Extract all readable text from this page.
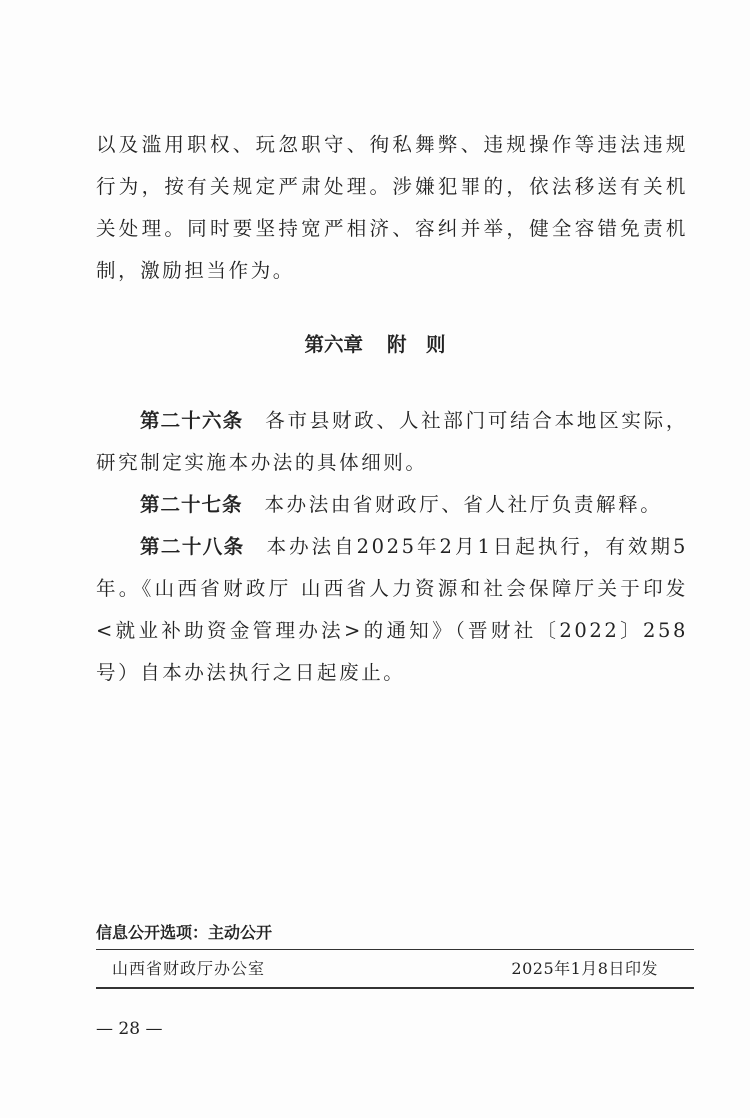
以及滥用职权、玩忽职守、徇私舞弊、违规操作等违法违规行为，按有关规定严肃处理。涉嫌犯罪的，依法移送有关机关处理。同时要坚持宽严相济、容纠并举，健全容错免责机制，激励担当作为。

第六章 附　则

第二十六条 各市县财政、人社部门可结合本地区实际，研究制定实施本办法的具体细则。

第二十七条 本办法由省财政厅、省人社厅负责解释。

第二十八条 本办法自2025年2月1日起执行，有效期5年。《山西省财政厅 山西省人力资源和社会保障厅关于印发<就业补助资金管理办法>的通知》（晋财社〔2022〕258号）自本办法执行之日起废止。

信息公开选项：主动公开
山西省财政厅办公室	2025年1月8日印发
— 28 —
